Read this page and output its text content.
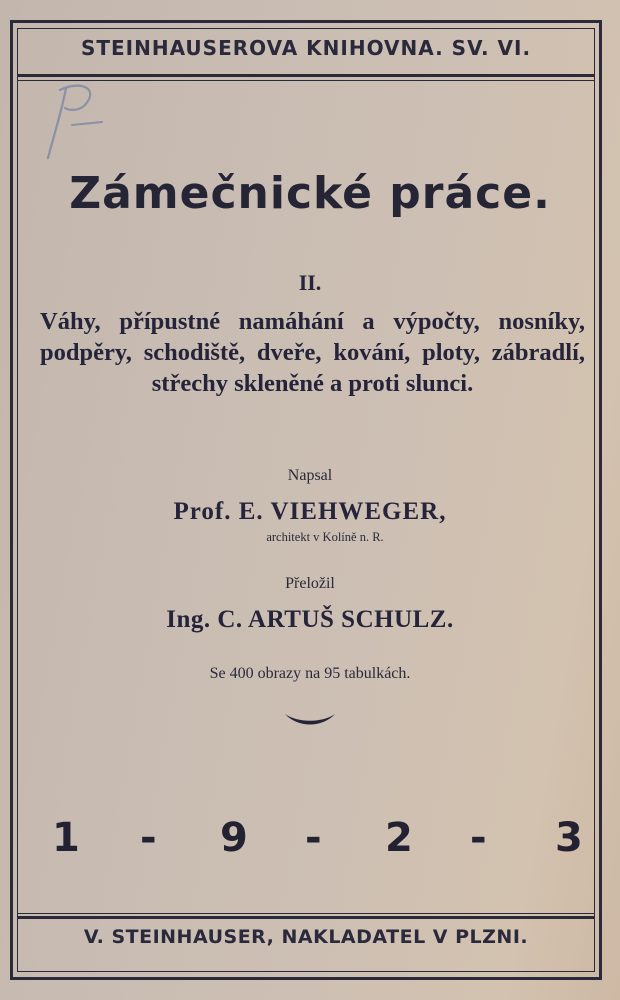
STEINHAUSEROVA KNIHOVNA. SV. VI.
Zámečnické práce.
II.
Váhy, přípustné namáhání a výpočty, nosníky, podpěry, schodiště, dveře, kování, ploty, zábradlí, střechy skleněné a proti slunci.
Napsal
Prof. E. VIEHWEGER,
architekt v Kolíně n. R.
Přeložil
Ing. C. ARTUŠ SCHULZ.
Se 400 obrazy na 95 tabulkách.
1 - 9 - 2 - 3
V. STEINHAUSER, NAKLADATEL V PLZNI.
